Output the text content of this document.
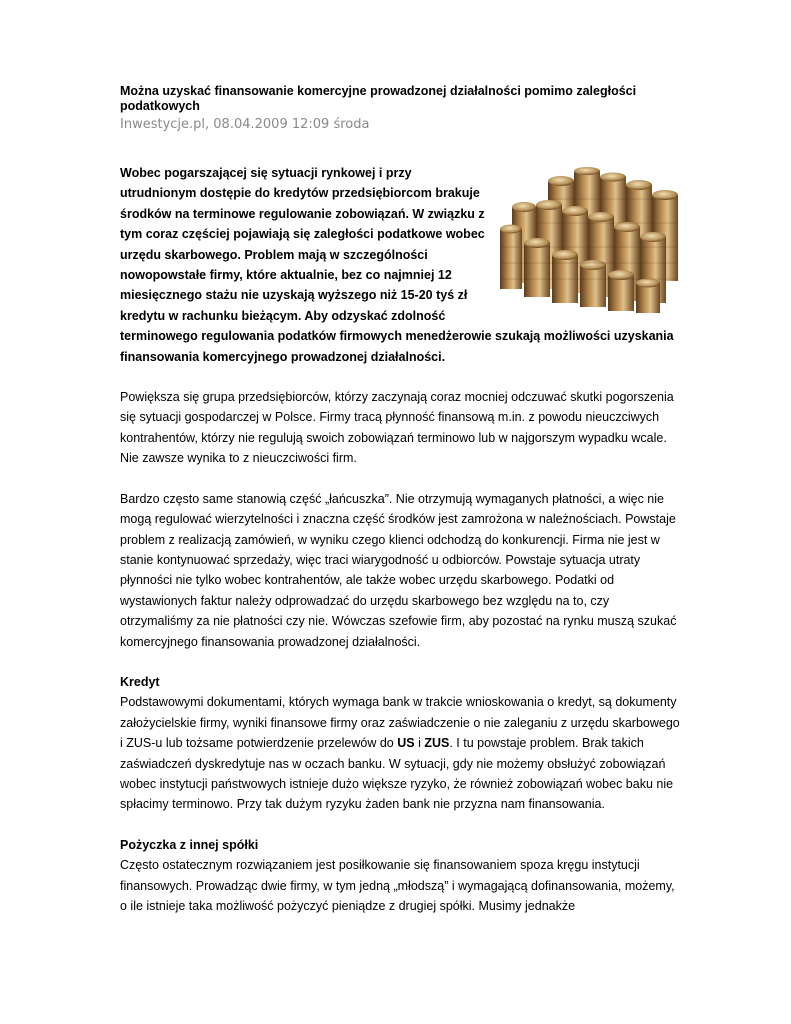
Można uzyskać finansowanie komercyjne prowadzonej działalności pomimo zaległości podatkowych
Inwestycje.pl, 08.04.2009 12:09 środa

Wobec pogarszającej się sytuacji rynkowej i przy utrudnionym dostępie do kredytów przedsiębiorcom brakuje środków na terminowe regulowanie zobowiązań. W związku z tym coraz częściej pojawiają się zaległości podatkowe wobec urzędu skarbowego. Problem mają w szczególności nowopowstałe firmy, które aktualnie, bez co najmniej 12 miesięcznego stażu nie uzyskają wyższego niż 15-20 tyś zł kredytu w rachunku bieżącym. Aby odzyskać zdolność terminowego regulowania podatków firmowych menedżerowie szukają możliwości uzyskania finansowania komercyjnego prowadzonej działalności.

Powiększa się grupa przedsiębiorców, którzy zaczynają coraz mocniej odczuwać skutki pogorszenia się sytuacji gospodarczej w Polsce. Firmy tracą płynność finansową m.in. z powodu nieuczciwych kontrahentów, którzy nie regulują swoich zobowiązań terminowo lub w najgorszym wypadku wcale. Nie zawsze wynika to z nieuczciwości firm.

Bardzo często same stanowią część „łańcuszka”. Nie otrzymują wymaganych płatności, a więc nie mogą regulować wierzytelności i znaczna część środków jest zamrożona w należnościach. Powstaje problem z realizacją zamówień, w wyniku czego klienci odchodzą do konkurencji. Firma nie jest w stanie kontynuować sprzedaży, więc traci wiarygodność u odbiorców. Powstaje sytuacja utraty płynności nie tylko wobec kontrahentów, ale także wobec urzędu skarbowego. Podatki od wystawionych faktur należy odprowadzać do urzędu skarbowego bez względu na to, czy otrzymaliśmy za nie płatności czy nie. Wówczas szefowie firm, aby pozostać na rynku muszą szukać komercyjnego finansowania prowadzonej działalności.

Kredyt

Podstawowymi dokumentami, których wymaga bank w trakcie wnioskowania o kredyt, są dokumenty założycielskie firmy, wyniki finansowe firmy oraz zaświadczenie o nie zaleganiu z urzędu skarbowego i ZUS-u lub tożsame potwierdzenie przelewów do US i ZUS. I tu powstaje problem. Brak takich zaświadczeń dyskredytuje nas w oczach banku. W sytuacji, gdy nie możemy obsłużyć zobowiązań wobec instytucji państwowych istnieje dużo większe ryzyko, że również zobowiązań wobec baku nie spłacimy terminowo. Przy tak dużym ryzyku żaden bank nie przyzna nam finansowania.

Pożyczka z innej spółki

Często ostatecznym rozwiązaniem jest posiłkowanie się finansowaniem spoza kręgu instytucji finansowych. Prowadząc dwie firmy, w tym jedną „młodszą” i wymagającą dofinansowania, możemy, o ile istnieje taka możliwość pożyczyć pieniądze z drugiej spółki. Musimy jednakże
